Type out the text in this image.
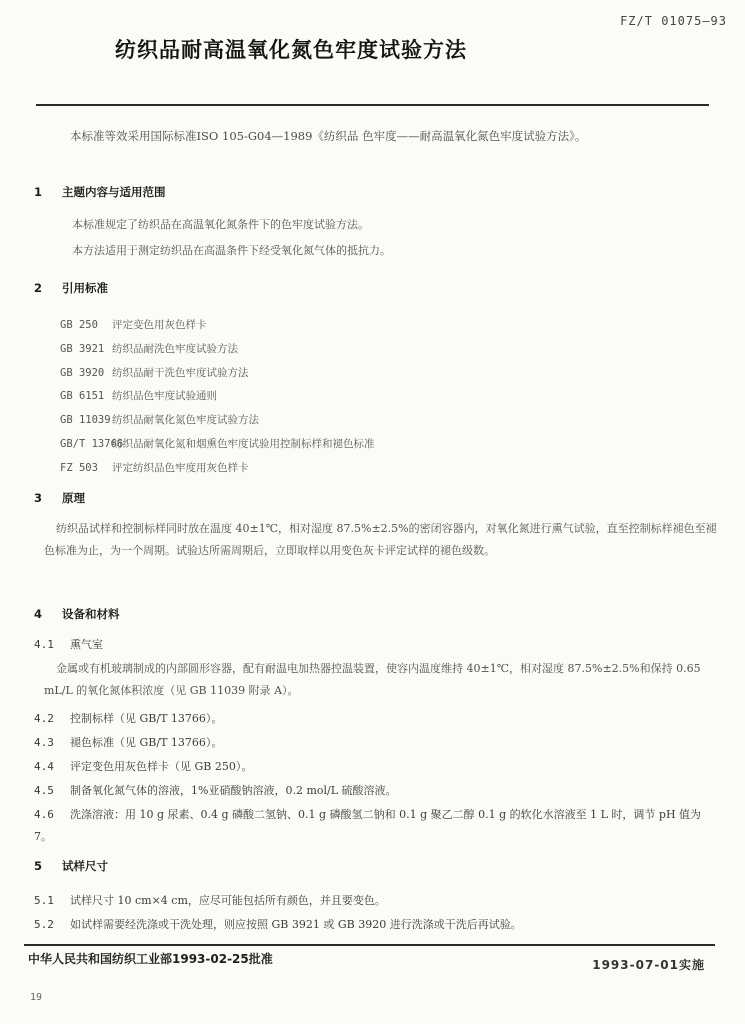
FZ/T 01075—93
纺织品耐高温氧化氮色牢度试验方法
本标准等效采用国际标准ISO 105-G04—1989《纺织品 色牢度——耐高温氧化氮色牢度试验方法》。
1 主题内容与适用范围
本标准规定了纺织品在高温氧化氮条件下的色牢度试验方法。
本方法适用于测定纺织品在高温条件下经受氧化氮气体的抵抗力。
2 引用标准
GB 250 评定变色用灰色样卡
GB 3921 纺织品耐洗色牢度试验方法
GB 3920 纺织品耐干洗色牢度试验方法
GB 6151 纺织品色牢度试验通则
GB 11039纺织品耐氧化氮色牢度试验方法
GB/T 13766纺织品耐氧化氮和烟熏色牢度试验用控制标样和褪色标准
FZ 503 评定纺织品色牢度用灰色样卡
3 原理
纺织品试样和控制标样同时放在温度 40±1℃，相对湿度 87.5%±2.5%的密闭容器内，对氧化氮进行熏气试验，直至控制标样褪色至褪色标准为止，为一个周期。试验达所需周期后，立即取样以用变色灰卡评定试样的褪色级数。
4 设备和材料
4.1 熏气室
金属或有机玻璃制成的内部圆形容器，配有耐温电加热器控温装置，使容内温度维持 40±1℃，相对湿度 87.5%±2.5%和保持 0.65 mL/L 的氧化氮体积浓度（见 GB 11039 附录 A）。
4.2 控制标样（见 GB/T 13766）。
4.3 褪色标准（见 GB/T 13766）。
4.4 评定变色用灰色样卡（见 GB 250）。
4.5 制备氧化氮气体的溶液，1%亚硝酸钠溶液，0.2 mol/L 硫酸溶液。
4.6 洗涤溶液：用 10 g 尿素、0.4 g 磷酸二氢钠、0.1 g 磷酸氢二钠和 0.1 g 聚乙二醇 0.1 g 的软化水溶液至 1 L 时，调节 pH 值为 7。
5 试样尺寸
5.1 试样尺寸 10 cm×4 cm，应尽可能包括所有颜色，并且要变色。
5.2 如试样需要经洗涤或干洗处理，则应按照 GB 3921 或 GB 3920 进行洗涤或干洗后再试验。
中华人民共和国纺织工业部1993-02-25批准	1993-07-01实施
19
